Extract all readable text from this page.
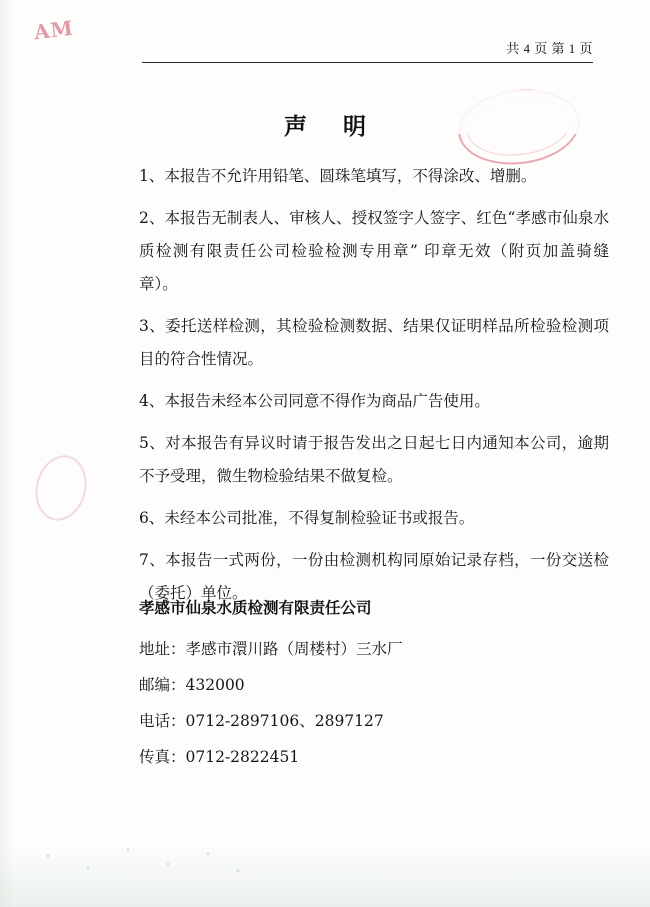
共 4 页 第 1 页
AM
声 明
1、本报告不允许用铅笔、圆珠笔填写，不得涂改、增删。
2、本报告无制表人、审核人、授权签字人签字、红色“孝感市仙泉水质检测有限责任公司检验检测专用章” 印章无效（附页加盖骑缝章）。
3、委托送样检测，其检验检测数据、结果仅证明样品所检验检测项目的符合性情况。
4、本报告未经本公司同意不得作为商品广告使用。
5、对本报告有异议时请于报告发出之日起七日内通知本公司，逾期不予受理，微生物检验结果不做复检。
6、未经本公司批准，不得复制检验证书或报告。
7、本报告一式两份，一份由检测机构同原始记录存档，一份交送检（委托）单位。
孝感市仙泉水质检测有限责任公司
地址：孝感市澴川路（周楼村）三水厂
邮编：432000
电话：0712-2897106、2897127
传真：0712-2822451
